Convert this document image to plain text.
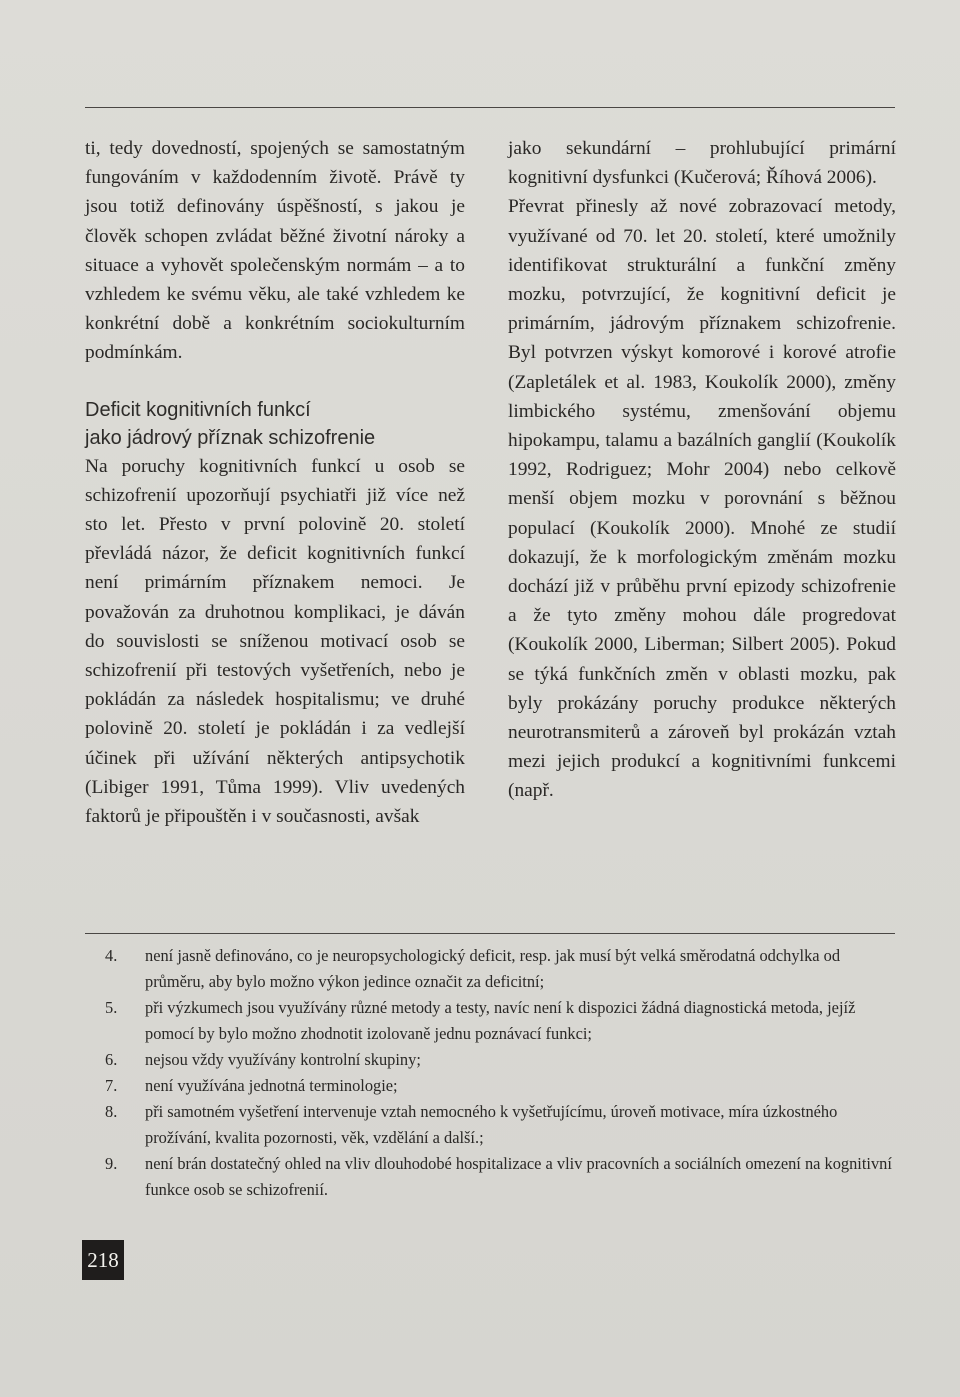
ti, tedy dovedností, spojených se samostatným fungováním v každodenním životě. Právě ty jsou totiž definovány úspěšností, s jakou je člověk schopen zvládat běžné životní nároky a situace a vyhovět společenským normám – a to vzhledem ke svému věku, ale také vzhledem ke konkrétní době a konkrétním sociokulturním podmínkám.

Deficit kognitivních funkcí
jako jádrový příznak schizofrenie

Na poruchy kognitivních funkcí u osob se schizofrenií upozorňují psychiatři již více než sto let. Přesto v první polovině 20. století převládá názor, že deficit kognitivních funkcí není primárním příznakem nemoci. Je považován za druhotnou komplikaci, je dáván do souvislosti se sníženou motivací osob se schizofrenií při testových vyšetřeních, nebo je pokládán za následek hospitalismu; ve druhé polovině 20. století je pokládán i za vedlejší účinek při užívání některých antipsychotik (Libiger 1991, Tůma 1999). Vliv uvedených faktorů je připouštěn i v současnosti, avšak

jako sekundární – prohlubující primární kognitivní dysfunkci (Kučerová; Říhová 2006).

Převrat přinesly až nové zobrazovací metody, využívané od 70. let 20. století, které umožnily identifikovat strukturální a funkční změny mozku, potvrzující, že kognitivní deficit je primárním, jádrovým příznakem schizofrenie. Byl potvrzen výskyt komorové i korové atrofie (Zapletálek et al. 1983, Koukolík 2000), změny limbického systému, zmenšování objemu hipokampu, talamu a bazálních ganglií (Koukolík 1992, Rodriguez; Mohr 2004) nebo celkově menší objem mozku v porovnání s běžnou populací (Koukolík 2000). Mnohé ze studií dokazují, že k morfologickým změnám mozku dochází již v průběhu první epizody schizofrenie a že tyto změny mohou dále progredovat (Koukolík 2000, Liberman; Silbert 2005). Pokud se týká funkčních změn v oblasti mozku, pak byly prokázány poruchy produkce některých neurotransmiterů a zároveň byl prokázán vztah mezi jejich produkcí a kognitivními funkcemi (např.

4.	není jasně definováno, co je neuropsychologický deficit, resp. jak musí být velká směrodatná odchylka od průměru, aby bylo možno výkon jedince označit za deficitní;
5.	při výzkumech jsou využívány různé metody a testy, navíc není k dispozici žádná diagnostická metoda, jejíž pomocí by bylo možno zhodnotit izolovaně jednu poznávací funkci;
6.	nejsou vždy využívány kontrolní skupiny;
7.	není využívána jednotná terminologie;
8.	při samotném vyšetření intervenuje vztah nemocného k vyšetřujícímu, úroveň motivace, míra úzkostného prožívání, kvalita pozornosti, věk, vzdělání a další.;
9.	není brán dostatečný ohled na vliv dlouhodobé hospitalizace a vliv pracovních a sociálních omezení na kognitivní funkce osob se schizofrenií.
218
